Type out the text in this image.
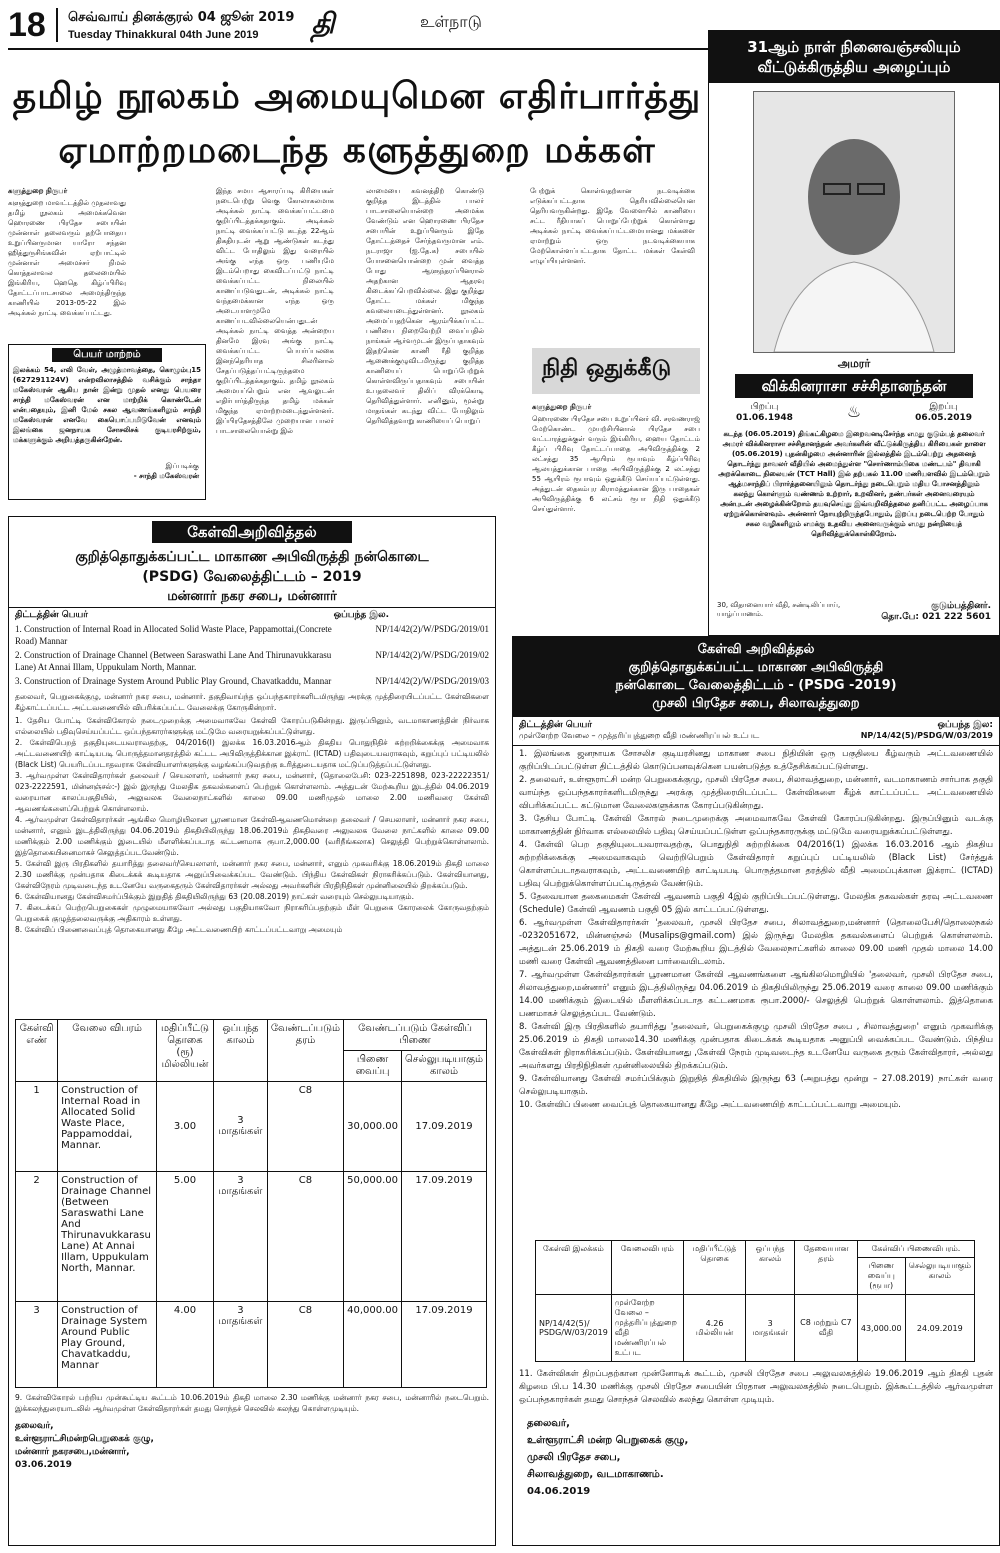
18 செவ்வாய் தினக்குரல் 04 ஜூன் 2019
Tuesday Thinakkural 04th June 2019 தி	உள்நாடு
தமிழ் நூலகம் அமையுமென எதிர்பார்த்து
ஏமாற்றமடைந்த களுத்துறை மக்கள்
களுத்துறை நிருபர்
களுத்துறை மாவட்டத்தில் முதலாவது தமிழ் நூலகம் அமைக்கவென ஹொரணை பிரதேச சபையின் முன்னாள் தலைவரும் தற்போதைய உறுப்பினருமான யாரோ சந்தன ஹித்துருசிங்கவின் ஏற்பாட்டில் முன்னாள் அமைச்சர் நிமல் கொத்தலாவல தலைமையில் இங்கிரிய, ஹெதெ கிழ்ப்பிரிவு தோட்டப்பாடசாலை அமைந்திருந்த காணியில் 2013-05-22 இல் அடிக்கல் நாட்டி வைக்கப்பட்டது.
இந்த சமய ஆசாரப்படி கிரியைகள் நடைபெற்று வெகு கோலாகலமாக அடிக்கல் நாட்டி வைக்கப்பட்டமை குறிப்பிடத்தக்கதாகும். அடிக்கல் நாட்டி வைக்கப்பட்டு கடந்த 22ஆம் திகதியுடன் ஆறு ஆண்டுகள் கடந்து விட்ட போதிலும் இது வரையில் அங்கு எந்த ஒரு பணியுமே இடம்பெறாது கைவிடப்பட்டு நாட்டி வைக்கப்பட்ட நிலையில் காணப்படுவதுடன், அடிக்கல் நாட்டி வந்தமைக்கான எந்த ஒரு அடையாளமுமே காணப்படவில்லையென்பதுடன் அடிக்கல் நாட்டி வைத்த அன்றைய தினமே இரவு அங்கு நாட்டி வைக்கப்பட்ட பெயர்ப்பலகை இனந்தெரியாத சிலரினால் சேதப்படுத்தப்பட்டிருந்தமை குறிப்பிடத்தக்கதாகும். தமிழ் நூலகம் அமையப்பெறும் என ஆவலுடன் எதிர்பார்த்திருந்த தமிழ் மக்கள் மிகுந்த ஏமாற்றமடைந்துள்ளனர். இப்பிரதேசத்திலே முறையான பாலர் பாடசாலையொன்று இல்
லாமையை கவனத்திற் கொண்டு குறித்த இடத்தில் பாலர் பாடசாலையொன்றை அமைக்க வேண்டும் என ஹொரணை பிரதேச சபையின் உறுப்பினரும் இதே தோட்டத்தைச் சேர்ந்தவருமான எம். நடராஜா (ஐ.தே.க) சபையில் யோசனையொன்றை முன் வைத்த போது ஆளுந்தரப்பினரால் அதற்கான ஆதரவு கிடைக்கப்பெறவில்லை. இது குறித்து தோட்ட மக்கள் மிகுந்த கவலையடைந்துள்ளனர். நூலகம் அமைப்பதற்கென ஆரம்பிக்கப்பட்ட பணியை நிறைவேற்றி வைப்பதில் நாங்கள் ஆர்வமுடன் இருப்பதாகவும் இதற்கென காணி ரீதி குறித்த ஆணைக்குழுவிடமிருந்து குறித்த காணியைப் பொறுப்பேற்றுக் கொள்ளவிருப்பதாகவும் சபையின் உபதலைவர் திலிப் விரக்கொடி தெரிவித்துள்ளார். எனினும், மூன்று மாதங்கள் கடந்து விட்ட போதிலும் தெரிவித்தவாறு காணியைப் பொறுப்
பேற்றுக் கொள்வதற்கான நடவடிக்கை எடுக்கப்பட்டதாக தெரியவில்லையென தெரியவருகின்றது. இதே வேளையில் காணியை சட்ட ரீதியாகப் பொறுப்பேற்றுக் கொள்ளாது அடிக்கல் நாட்டி வைக்கப்பட்டமையானது மக்களை ஏமாற்றும் ஒரு நடவடிக்கையாக மேற்கொள்ளப்பட்டதாக தோட்ட மக்கள் கேள்வி எழுப்பியுள்ளனர்.
பெயர் மாற்றம்
இலக்கம் 54, எலி வேள், அழுத்மாவத்தை, கொழும்பு15 (627291124V) என்றவிலாசத்தில் வசிக்கும் சாந்தா மகேஸ்வரன் ஆகிய நான் இன்று முதல் எனது பெயரை சாந்தி மகேஸ்வரன் என மாற்றிக் கொண்டேன் என்பதையும், இனி மேல் சகல ஆவணங்களிலும் சாந்தி மகேஸ்வரன் எனவே கையொப்பமிடுவேன் எனவும் இலங்கை ஜனநாயக சோசலிசக் குடியரசிற்கும், மக்களுக்கும் அறியத்தருகின்றேன்.
இப்படிக்கு
- சாந்தி மகேஸ்வரன்
நிதி ஒதுக்கீடு
களுத்துறை நிருபர்
ஹொரணை பிரதேச சபை உறுப்பினர் வி. சரவணராஜ் மேற்கொண்ட முயற்சியினால் பிரதேச சபை வட்டாரத்துக்குள் வரும் இங்கிரிய, ஹைய தோட்டம் கீழ்ப் பிரிவு தோட்டப்பாதை அபிவிருத்திக்கு 2 லட்சத்து 35 ஆயிரம் ரூபாவும் கீழ்ப்பிரிவு ஆலயத்துக்கான பாதை அபிவிருத்திக்கு 2 லட்சத்து 55 ஆயிரம் ரூபாவும் ஒதுக்கீடு செய்யப்பட்டுள்ளது. அத்துடன் தைகம்புர கிராமத்துக்கான இரு பாதைகள் அபிவிருத்திக்கு 6 லட்சம் ரூபா நிதி ஒதுக்கீடு செய்துள்ளார்.
31ஆம் நாள் நினைவஞ்சலியும்
வீட்டுக்கிருத்திய அழைப்பும்
அமரர்
விக்கினராசா சச்சிதானந்தன்
பிறப்பு
01.06.1948	♨	இறப்பு
06.05.2019
கடந்த (06.05.2019) திங்கட்கிழமை இறைவனடிசேர்ந்த எமது குடும்பத் தலைவர் அமரர் விக்கினராசா சச்சிதானந்தன் அவர்களின் வீட்டுக்கிருத்திய கிரியைகள் நாளை (05.06.2019) புதன்கிழமை அன்னாரின் இல்லத்தில் இடம்பெற்று அதனைத் தொடர்ந்து நாவலர் வீதியில் அமைந்துள்ள "சொர்ணாம்பிகை மண்டபம்" திவாகி அறக்கொடை நிலையன் (TCT Hall) இல் தற்பகல் 11.00 மணியளவில் இடம்பெறும் ஆத்மசாந்திப் பிரார்த்தனையிலும் தொடர்ந்து நடைபெறும் மதிய போசனத்திலும் கலந்து கொள்ளும் வண்ணம் உற்றார், உறவினர், நண்பர்கள் அனைவரையும் அன்புடன் அழைக்கின்றோம் தயவுசெய்து இவ்வறிவித்தலை தனிப்பட்ட அழைப்பாக ஏற்றுக்கொள்ளவும். அன்னார் நோயுற்றிருந்தபோதும், இறப்பு நடைபெற்ற போதும் சகல வழிகளிலும் எமக்கு உதவிய அனைவருக்கும் எமது நன்றியைத் தெரிவித்துக்கொள்கிறோம்.
30, விதானையார் வீதி, சண்டிலிப்பாய், யாழ்ப்பாணம்.
குடும்பத்தினர்.
தொ.பே: 021 222 5601
கேள்விஅறிவித்தல்
குறித்தொதுக்கப்பட்ட மாகாண அபிவிருத்தி நன்கொடை
(PSDG) வேலைத்திட்டம் – 2019
மன்னார் நகர சபை, மன்னார்
திட்டத்தின் பெயர்	ஒப்பந்த இல.
1. Construction of Internal Road in Allocated Solid Waste Place, Pappamottai,(Concrete Road) Mannar
NP/14/42(2)/W/PSDG/2019/01
2. Construction of Drainage Channel (Between Saraswathi Lane And Thirunavukkarasu Lane) At Annai Illam, Uppukulam North, Mannar.
NP/14/42(2)/W/PSDG/2019/02
3. Construction of Drainage System Around Public Play Ground, Chavatkaddu, Mannar	NP/14/42(2)/W/PSDG/2019/03
தலைவர், பெறுகைக்குழு, மன்னார் நகர சபை, மன்னார். தகுதிவாய்ந்த ஒப்பந்தகாரர்களிடமிருந்து அரக்கு முத்திரையிடப்பட்ட கேள்விகளை கீழ்காட்டப்பட்ட அட்டவணையில் விபரிக்கப்பட்ட வேலைக்கு கோருகின்றார்.
1. தேசிய போட்டி கேள்விகோரல் நடைமுறைக்கு அமைவாகவே கேள்வி கோரப்படுகின்றது. இருப்பினும், வடமாகாணத்தின் நிர்வாக எல்லையில் பதிவுசெய்யப்பட்ட ஒப்பந்தகாரர்களுக்கு மட்டுமே வரையறுக்கப்பட்டுள்ளது.
2. கேள்விபெறத் தகுதியுடையவராவதற்கு, 04/2016(I) இலக்க 16.03.2016ஆம் திகதிய பொதுநிதிச் சுற்றறிக்கைக்கு அமைவாக அட்டவணையிற் காட்டியபடி பொருத்தமானதரத்தில் கட்டட அபிவிருத்திக்கான இக்ராட் (ICTAD) பதிவுடையவராகவும், கறுப்புப் பட்டியலில் (Black List) பெயரிடப்படாதவராக கேள்வியாளர்களுக்கு வழங்கப்படுவதற்கு உரித்துடையதாக மட்டுப்படுத்தப்பட்டுள்ளது.
3. ஆர்வமுள்ள கேள்விதாரர்கள் தலைவர் / செயலாளர், மன்னார் நகர சபை, மன்னார், (தொலைபேசி: 023-2251898, 023-22222351/ 023-2222591, மின்னஞ்சல்:-) இல் இருந்து மேலதிக தகவல்களைப் பெற்றுக் கொள்ளலாம். அத்துடன் மேற்கூறிய இடத்தில் 04.06.2019 வரையான காலப்பகுதியில், அலுவலக வேலைநாட்களில் காலை 09.00 மணிமுதல் மாலை 2.00 மணிவரை கேள்வி ஆவணங்களைப்பெற்றுக் கொள்ளலாம்.
4. ஆர்வமுள்ள கேள்விதாரர்கள் ஆங்கில மொழியிலான பூரணமான கேள்விஆவணமொன்றை தலைவர் / செயலாளர், மன்னார் நகர சபை, மன்னார், எனும் இடத்திலிருந்து 04.06.2019ம் திகதியிலிருந்து 18.06.2019ம் திகதிவரை அலுவலக வேலை நாட்களில் காலை 09.00 மணிக்கும் 2.00 மணிக்கும் இடையில் மீளளிக்கப்படாத கட்டணமாக ரூபா.2,000.00 (வரிநீங்கலாக) செலுத்தி பெற்றுக்கொள்ளலாம். இத்தொகையினைமாகச் செலுத்தப்படவேண்டும்.
5. கேள்வி இரு பிரதிகளில் தயாரித்து தலைவர்/செயலாளர், மன்னார் நகர சபை, மன்னார், எனும் முகவரிக்கு 18.06.2019ம் திகதி மாலை 2.30 மணிக்கு முன்பதாக கிடைக்கக் கூடியதாக அனுப்பிவைக்கப்பட வேண்டும். பிந்திய கேள்விகள் நிராகரிக்கப்படும். கேள்வியானது, கேள்விநேரம் முடிவடைந்த உடனேயே வருகைதரும் கேள்விதாரர்கள் அல்லது அவர்களின் பிரதிநிதிகள் முன்னிலையில் திறக்கப்படும்.
6. கேள்வியானது கேள்விசமர்ப்பிக்கும் இறுதித் திகதியிலிருந்து 63 (20.08.2019) நாட்கள் வரையும் செல்லுபடியாகும்.
7. கிடைக்கப் பெற்றபெறுகைகள் முழுமையாகவோ அல்லது பகுதியாகவோ நிராகரிப்பதற்கும் மீள் பெறுகை கோரலைக் கோருவதற்கும் பெறுகைக் குழுத்தலைவருக்கு அதிகாரம் உள்ளது.
8. கேள்விப் பிணைவைப்புத் தொகையானது கீழே அட்டவணையிற் காட்டப்பட்டவாறு அமையும்
கேள்வி எண்	வேலை விபரம்	மதிப்பீட்டு தொகை (ரூ) மில்லியன்	ஒப்பந்த காலம்	வேண்டப்படும் தரம்	வேண்டப்படும் கேள்விப் பிணை	
					பிணை வைப்பு	செல்லுபடியாகும் காலம்
1	Construction of Internal Road in Allocated Solid Waste Place, Pappamoddai, Mannar.	3.00	3 மாதங்கள்	C8	30,000.00	17.09.2019
2	Construction of Drainage Channel (Between Saraswathi Lane And Thirunavukkarasu Lane) At Annai Illam, Uppukulam North, Mannar.	5.00	3 மாதங்கள்	C8	50,000.00	17.09.2019
3	Construction of Drainage System Around Public Play Ground, Chavatkaddu, Mannar	4.00	3 மாதங்கள்	C8	40,000.00	17.09.2019
9. கேள்விகோரல் பற்றிய முன்கூட்டிய கூட்டம் 10.06.2019ம் திகதி மாலை 2.30 மணிக்கு மன்னார் நகர சபை, மன்னாரில் நடைபெறும். இக்கலந்துரையாடலில் ஆர்வமுள்ள கேள்விதாரர்கள் தமது சொந்தச் செலவில் கலந்து கொள்ளமுடியும்.
தலைவர்,
உள்ளூராட்சிமன்றபெறுகைக் குழு,
மன்னார் நகரசபை,மன்னார்,
03.06.2019
கேள்வி அறிவித்தல்
குறித்தொதுக்கப்பட்ட மாகாண அபிவிருத்தி
நன்கொடை வேலைத்திட்டம் - (PSDG -2019)
முசலி பிரதேச சபை, சிலாவத்துறை
திட்டத்தின் பெயர்	ஒப்பந்த இல:
முள்ளேற்ற வேலை – முத்தரிப்புத்துறை வீதி மண்ணிரப்பல் உட்பட	NP/14/42(5)/PSDG/W/03/2019
1. இலங்கை ஜனநாயக சோசலிச குடியரசினது மாகாண சபை நிதியின் ஒரு பகுதியை கீழ்வரும் அட்டவணையில் குறிப்பிடப்பட்டுள்ள திட்டத்தில் கொடுப்பனவுக்கென பயன்படுத்த உத்தேசிக்கப்பட்டுள்ளது.
2. தலைவர், உள்ளூராட்சி மன்ற பெறுகைக்குழு, முசலி பிரதேச சபை, சிலாவத்துறை, மன்னார், வடமாகாணம் சார்பாக தகுதி வாய்ந்த ஒப்பந்தகாரர்களிடமிருந்து அரக்கு முத்திரையிடப்பட்ட கேள்விகளை கீழ்க் காட்டப்பட்ட அட்டவணையில் விபரிக்கப்பட்ட கட்டுமான வேலைகளுக்காக கோரப்படுகின்றது.
3. தேசிய போட்டி கேள்வி கோரல் நடைமுறைக்கு அமைவாகவே கேள்வி கோரப்படுகின்றது. இருப்பினும் வடக்கு மாகாணத்தின் நிர்வாக எல்லையில் பதிவு செய்யப்பட்டுள்ள ஒப்பந்தகாரருக்கு மட்டுமே வரையறுக்கப்பட்டுள்ளது.
4. கேள்வி பெற தகுதியுடையவராவதற்கு, பொதுநிதி சுற்றறிக்கை 04/2016(1) இலக்க 16.03.2016 ஆம் திகதிய சுற்றறிக்கைக்கு அமைவாகவும் வெற்றிபெறும் கேள்விதாரர் கறுப்புப் பட்டியலில் (Black List) சேர்த்துக் கொள்ளப்படாதவராகவும், அட்டவணையிற் காட்டியபடி பொருத்தமான தரத்தில் வீதி அமைப்புக்கான இக்ராட் (ICTAD) பதிவு பெற்றுக்கொள்ளப்பட்டிருத்தல் வேண்டும்.
5. தேவையான தகைமைகள் கேள்வி ஆவணம் பகுதி 4இல் குறிப்பிடப்பட்டுள்ளது. மேலதிக தகவல்கள் தரவு அட்டவணை (Schedule) கேள்வி ஆவணம் பகுதி 05 இல் காட்டப்பட்டுள்ளது.
6. ஆர்வமுள்ள கேள்விதாரர்கள் 'தலைவர், முசலி பிரதேச சபை, சிலாவத்துறை,மன்னார் (தொலைபேசி/தொலைநகல் -0232051672, மின்னஞ்சல் (Musalips@gmail.com) இல் இருந்து மேலதிக தகவல்களைப் பெற்றுக் கொள்ளலாம். அத்துடன் 25.06.2019 ம் திகதி வரை மேற்கூறிய இடத்தில் வேலைநாட்களில் காலை 09.00 மணி முதல் மாலை 14.00 மணி வரை கேள்வி ஆவணத்தினை பார்வையிடலாம்.
7. ஆர்வமுள்ள கேள்விதாரர்கள் பூரணமான கேள்வி ஆவணங்களை ஆங்கிலமொழியில் 'தலைவர், முசலி பிரதேச சபை, சிலாவத்துறை,மன்னார்' எனும் இடத்திலிருந்து 04.06.2019 ம் திகதியிலிருந்து 25.06.2019 வரை காலை 09.00 மணிக்கும் 14.00 மணிக்கும் இடையில் மீளளிக்கப்படாத கட்டணமாக ரூபா.2000/- செலுத்தி பெற்றுக் கொள்ளலாம். இத்தொகை பணமாகச் செலுத்தப்பட வேண்டும்.
8. கேள்வி இரு பிரதிகளில் தயாரித்து 'தலைவர், பெறுகைக்குழு முசலி பிரதேச சபை , சிலாவத்துறை' எனும் முகவரிக்கு 25.06.2019 ம் திகதி மாலை14.30 மணிக்கு முன்பதாக கிடைக்கக் கூடியதாக அனுப்பி வைக்கப்பட வேண்டும். பிந்திய கேள்விகள் நிராகரிக்கப்படும். கேள்வியானது ,கேள்வி நேரம் முடிவடைந்த உடனேயே வருகை தரும் கேள்விதாரர், அல்லது அவர்களது பிரதிநிதிகள் முன்னிலையில் திறக்கப்படும்.
9. கேள்வியானது கேள்வி சமர்ப்பிக்கும் இறுதித் திகதியில் இருந்து 63 (அறுபத்து மூன்று – 27.08.2019) நாட்கள் வரை செல்லுபடியாகும்.
10. கேள்விப் பிணை வைப்புத் தொகையானது கீழே அட்டவணையிற் காட்டப்பட்டவாறு அமையும்.
கேள்வி இலக்கம்	வேலைவிபரம்	மதிப்பீட்டுத் தொகை	ஒப்பந்த காலம்	தேவையான தரம்	கேள்விப் பிணைவிபரம்.	
					பிணை வைப்பு (ரூபா)	செல்லுபடியாகும் காலம்
NP/14/42(5)/ PSDG/W/03/2019	முள்ளேற்ற வேலை – முத்தரிப்புத்துறை வீதி மண்ணிரப்பல் உட்பட	4.26 மில்லியன்	3 மாதங்கள்	C8 மற்றும் C7 வீதி	43,000.00	24.09.2019
11. கேள்விகள் திறப்பதற்கான முன்னோடிக் கூட்டம், முசலி பிரதேச சபை அலுவலகத்தில் 19.06.2019 ஆம் திகதி புதன் கிழமை பி.ப 14.30 மணிக்கு முசலி பிரதேச சபையின் பிரதான அலுவலகத்தில் நடைபெறும். இக்கூட்டத்தில் ஆர்வமுள்ள ஒப்பந்தகாரர்கள் தமது சொந்தச் செலவில் கலந்து கொள்ள முடியும்.
தலைவர்,
உள்ளூராட்சி மன்ற பெறுகைக் குழு,
முசலி பிரதேச சபை,
சிலாவத்துறை, வடமாகாணம்.
04.06.2019
